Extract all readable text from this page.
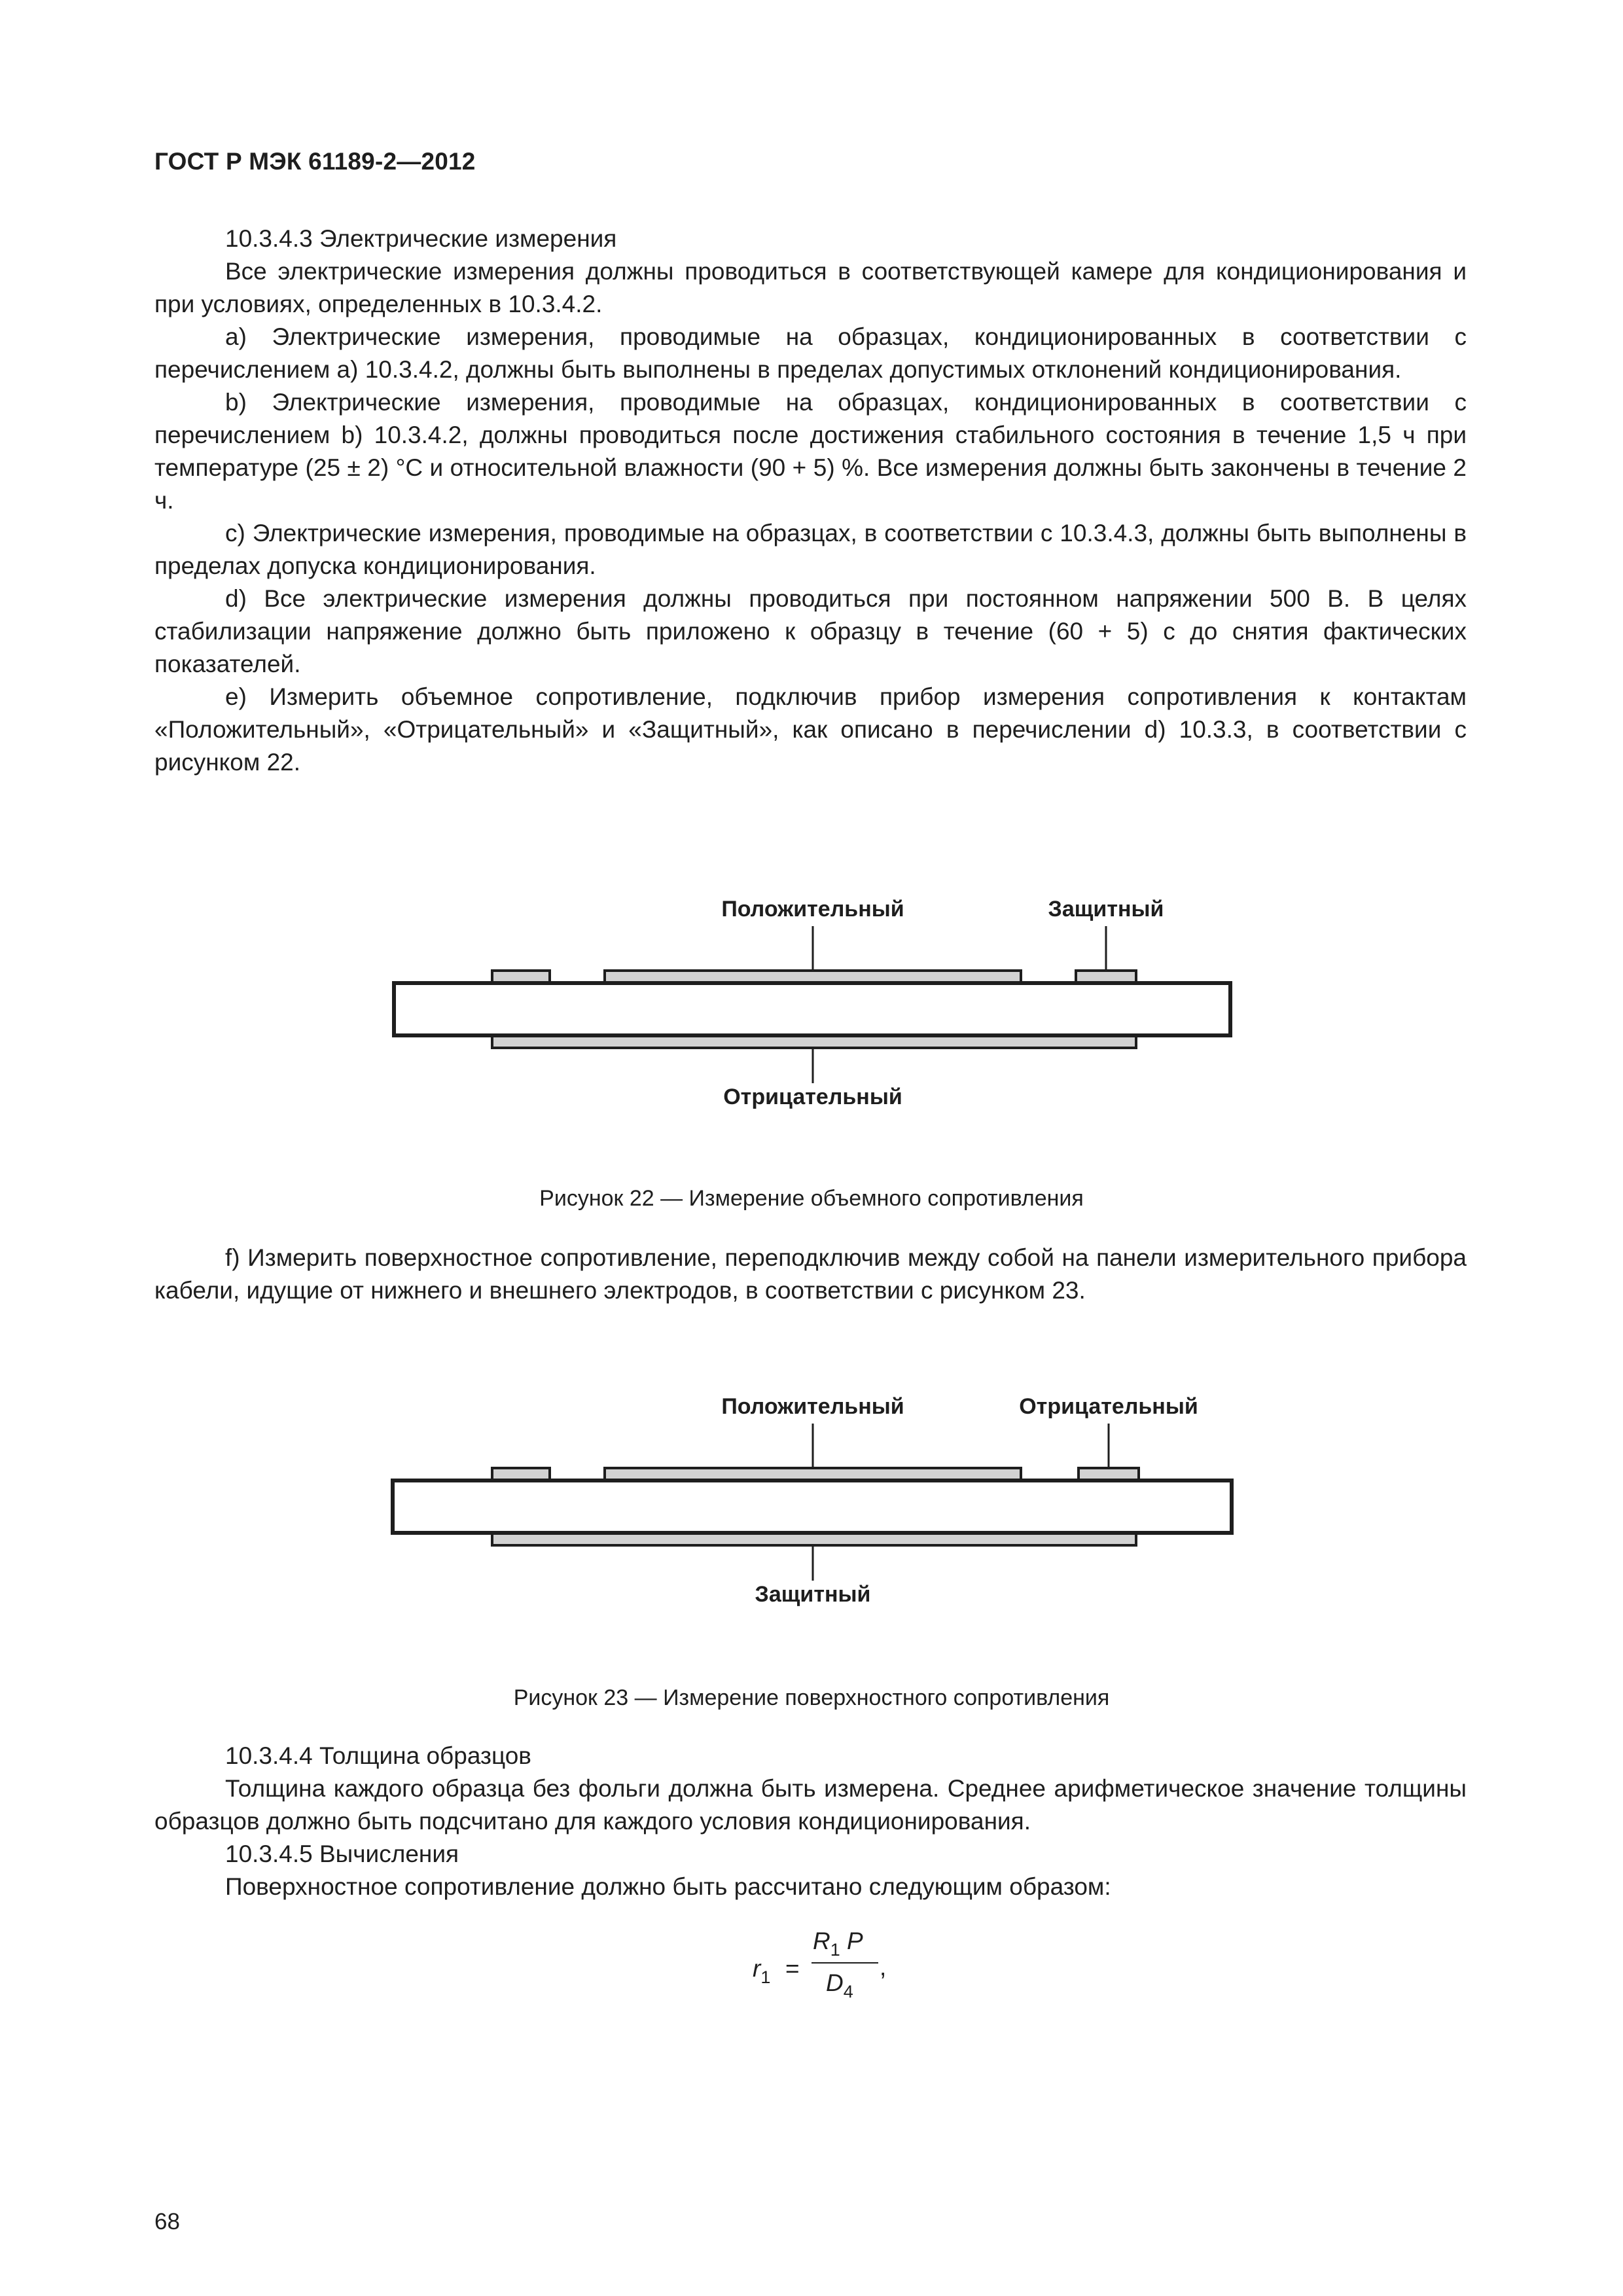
ГОСТ Р МЭК 61189-2—2012

10.3.4.3 Электрические измерения

Все электрические измерения должны проводиться в соответствующей камере для кондиционирования и при условиях, определенных в 10.3.4.2.

а) Электрические измерения, проводимые на образцах, кондиционированных в соответствии с перечислением а) 10.3.4.2, должны быть выполнены в пределах допустимых отклонений кондиционирования.

b) Электрические измерения, проводимые на образцах, кондиционированных в соответствии с перечислением b) 10.3.4.2, должны проводиться после достижения стабильного состояния в течение 1,5 ч при температуре (25 ± 2) °С и относительной влажности (90 + 5) %. Все измерения должны быть закончены в течение 2 ч.

с) Электрические измерения, проводимые на образцах, в соответствии с 10.3.4.3, должны быть выполнены в пределах допуска кондиционирования.

d) Все электрические измерения должны проводиться при постоянном напряжении 500 В. В целях стабилизации напряжение должно быть приложено к образцу в течение (60 + 5) с до снятия фактических показателей.

е) Измерить объемное сопротивление, подключив прибор измерения сопротивления к контактам «Положительный», «Отрицательный» и «Защитный», как описано в перечислении d) 10.3.3, в соответствии с рисунком 22.

Положительный	Защитный
Отрицательный
Рисунок 22 — Измерение объемного сопротивления

f) Измерить поверхностное сопротивление, переподключив между собой на панели измерительного прибора кабели, идущие от нижнего и внешнего электродов, в соответствии с рисунком 23.

Положительный	Отрицательный
Защитный
Рисунок 23 — Измерение поверхностного сопротивления

10.3.4.4 Толщина образцов

Толщина каждого образца без фольги должна быть измерена. Среднее арифметическое значение толщины образцов должно быть подсчитано для каждого условия кондиционирования.

10.3.4.5 Вычисления

Поверхностное сопротивление должно быть рассчитано следующим образом:

$r_1$ =
$R_1$ P
,
$D_4$
68
